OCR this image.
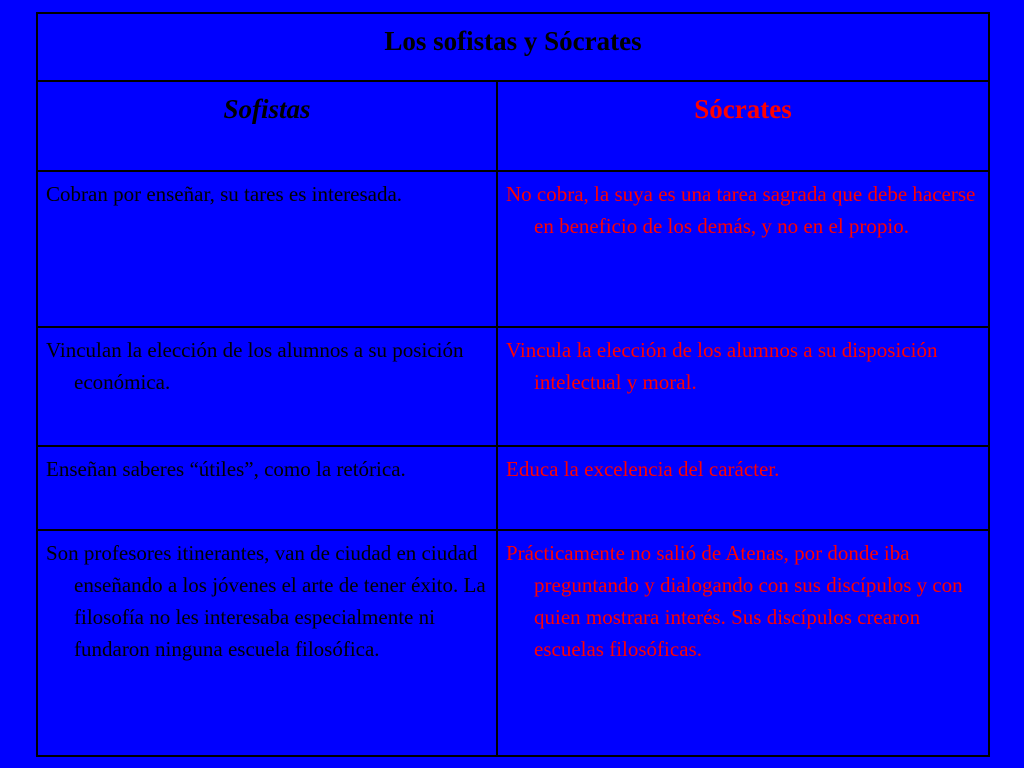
Los sofistas y Sócrates	
Sofistas	Sócrates

Cobran por enseñar, su tares es interesada.	No cobra, la suya es una tarea sagrada que debe hacerse en beneficio de los demás, y no en el propio.

Vinculan la elección de los alumnos a su posición económica.	Vincula la elección de los alumnos a su disposición intelectual y moral.

Enseñan saberes “útiles”, como la retórica.	Educa la excelencia del carácter.

Son profesores itinerantes, van de ciudad en ciudad enseñando a los jóvenes el arte de tener éxito. La filosofía no les interesaba especialmente ni fundaron ninguna escuela filosófica.	Prácticamente no salió de Atenas, por donde iba preguntando y dialogando con sus discípulos y con quien mostrara interés. Sus discípulos crearon escuelas filosóficas.
